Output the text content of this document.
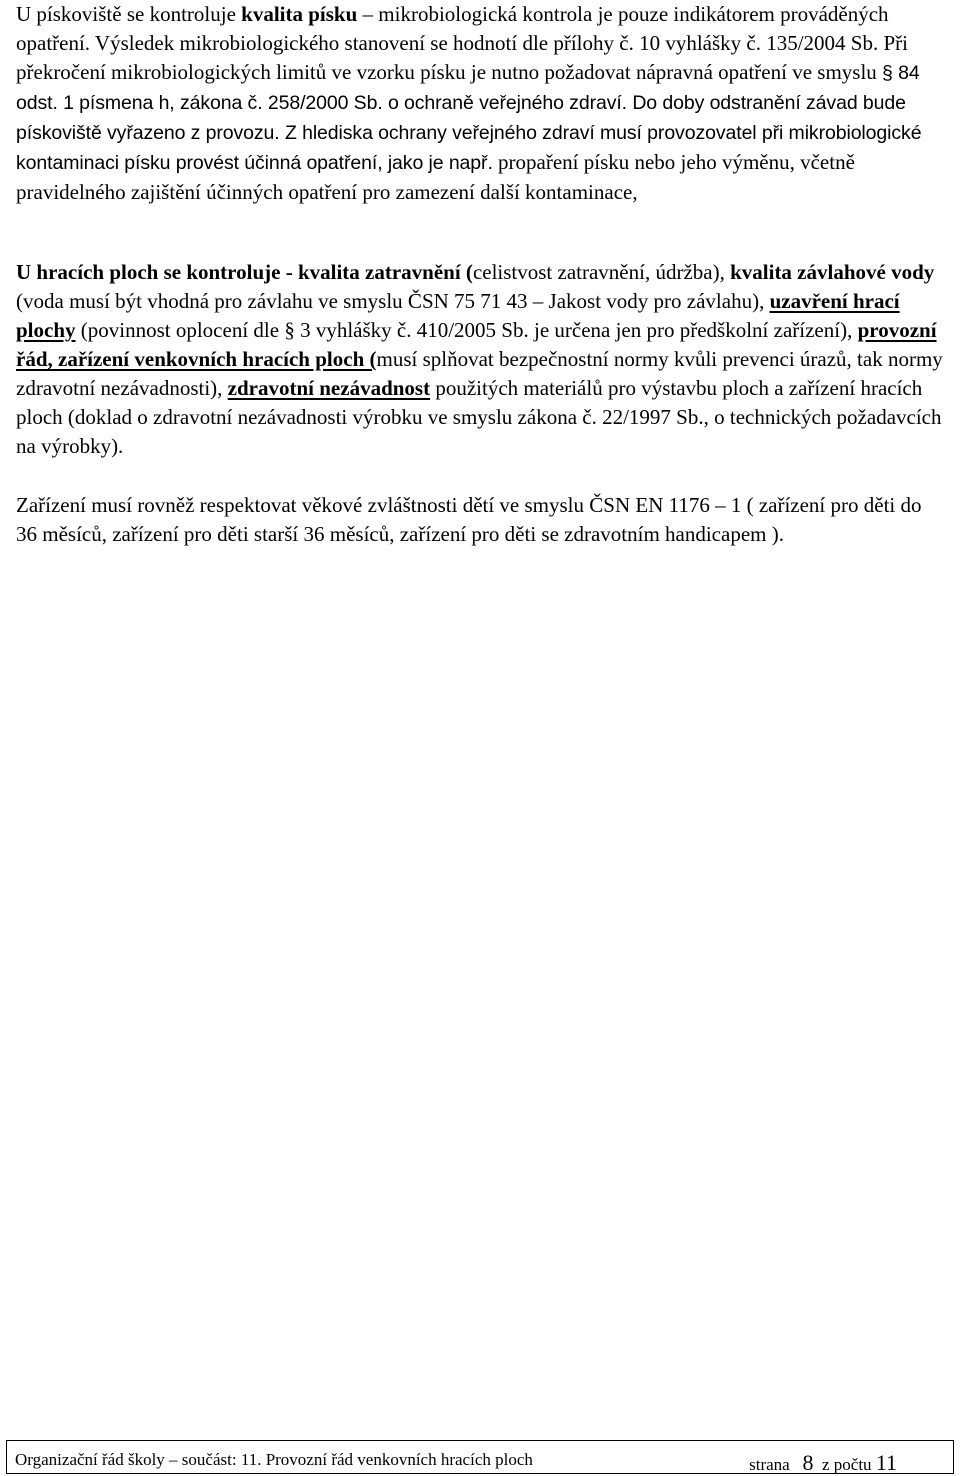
U pískoviště se kontroluje kvalita písku – mikrobiologická kontrola je pouze indikátorem prováděných opatření. Výsledek mikrobiologického stanovení se hodnotí dle přílohy č. 10 vyhlášky č. 135/2004 Sb. Při překročení mikrobiologických limitů ve vzorku písku je nutno požadovat nápravná opatření ve smyslu § 84 odst. 1 písmena h, zákona č. 258/2000 Sb. o ochraně veřejného zdraví. Do doby odstranění závad bude pískoviště vyřazeno z provozu. Z hlediska ochrany veřejného zdraví musí provozovatel při mikrobiologické kontaminaci písku provést účinná opatření, jako je např. propaření písku nebo jeho výměnu, včetně pravidelného zajištění účinných opatření pro zamezení další kontaminace,

U hracích ploch se kontroluje - kvalita zatravnění (celistvost zatravnění, údržba), kvalita závlahové vody (voda musí být vhodná pro závlahu ve smyslu ČSN 75 71 43 – Jakost vody pro závlahu), uzavření hrací plochy (povinnost oplocení dle § 3 vyhlášky č. 410/2005 Sb. je určena jen pro předškolní zařízení), provozní řád, zařízení venkovních hracích ploch (musí splňovat bezpečnostní normy kvůli prevenci úrazů, tak normy zdravotní nezávadnosti), zdravotní nezávadnost použitých materiálů pro výstavbu ploch a zařízení hracích ploch (doklad o zdravotní nezávadnosti výrobku ve smyslu zákona č. 22/1997 Sb., o technických požadavcích na výrobky).

Zařízení musí rovněž respektovat věkové zvláštnosti dětí ve smyslu ČSN EN 1176 – 1 ( zařízení pro děti do 36 měsíců, zařízení pro děti starší 36 měsíců, zařízení pro děti se zdravotním handicapem ).

Organizační řád školy – součást: 11. Provozní řád venkovních hracích ploch	strana 8 z počtu 11
